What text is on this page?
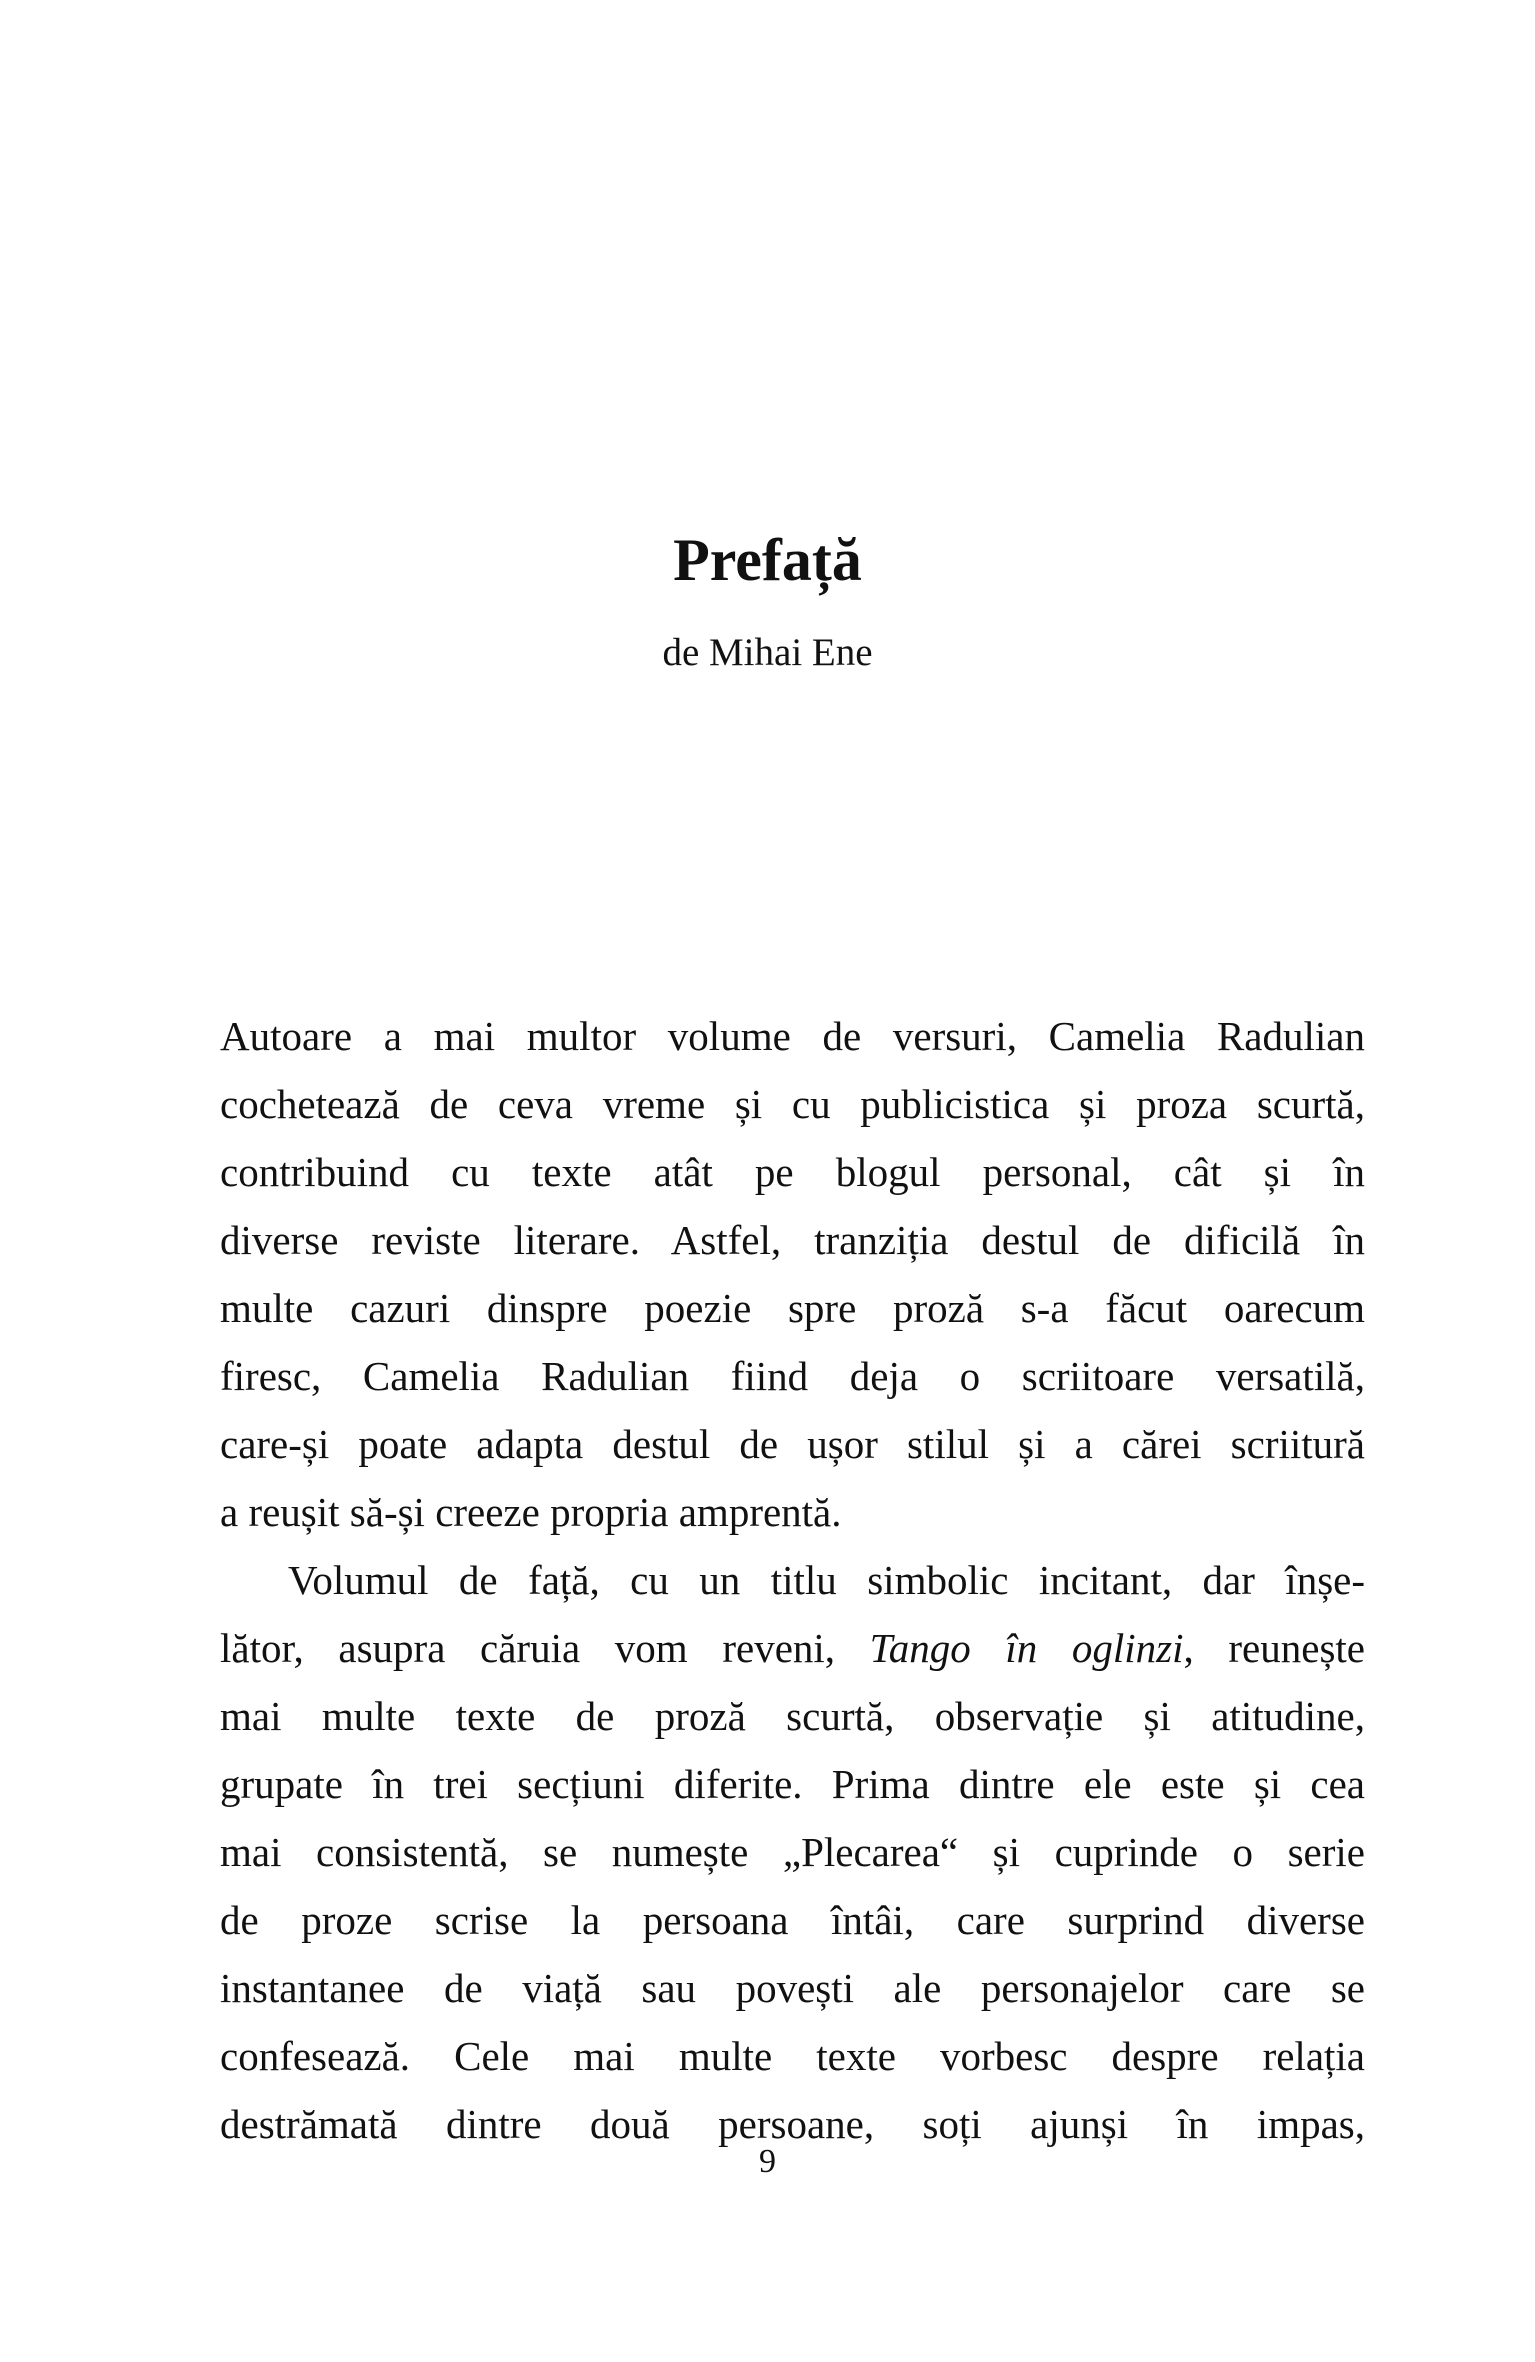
Prefață
de Mihai Ene
Autoare a mai multor volume de versuri, Camelia Radulian
cochetează de ceva vreme și cu publicistica și proza scurtă,
contribuind cu texte atât pe blogul personal, cât și în
diverse reviste literare. Astfel, tranziția destul de dificilă în
multe cazuri dinspre poezie spre proză s-a făcut oarecum
firesc, Camelia Radulian fiind deja o scriitoare versatilă,
care-și poate adapta destul de ușor stilul și a cărei scriitură
a reușit să-și creeze propria amprentă.
Volumul de față, cu un titlu simbolic incitant, dar înșe-
lător, asupra căruia vom reveni, Tango în oglinzi, reunește
mai multe texte de proză scurtă, observație și atitudine,
grupate în trei secțiuni diferite. Prima dintre ele este și cea
mai consistentă, se numește „Plecarea“ și cuprinde o serie
de proze scrise la persoana întâi, care surprind diverse
instantanee de viață sau povești ale personajelor care se
confesează. Cele mai multe texte vorbesc despre relația
destrămată dintre două persoane, soți ajunși în impas,
9
